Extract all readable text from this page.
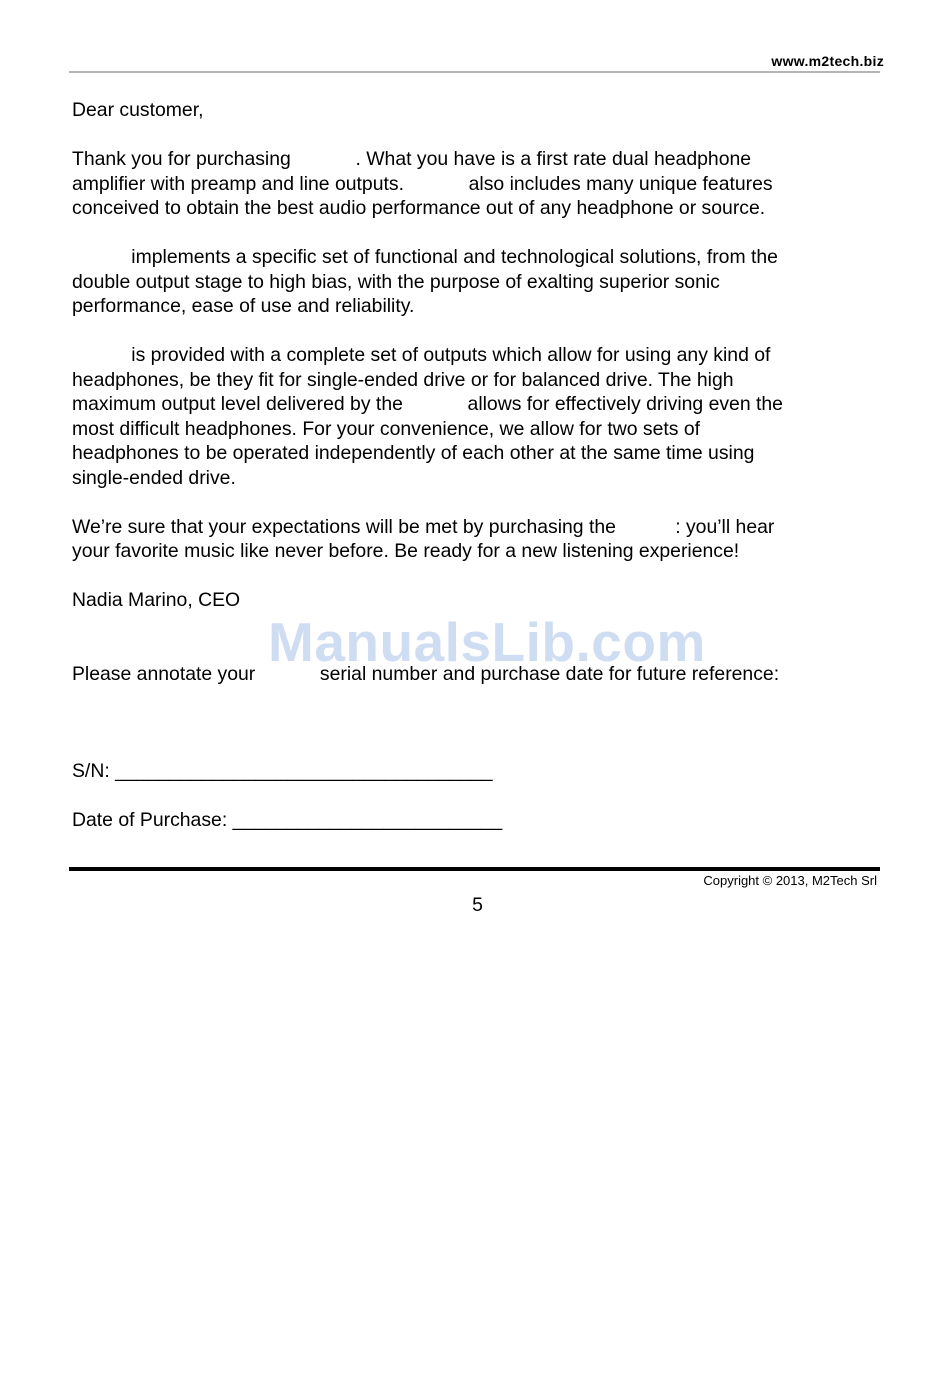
www.m2tech.biz

Dear customer,

Thank you for purchasing            . What you have is a first rate dual headphone

amplifier with preamp and line outputs.            also includes many unique features

conceived to obtain the best audio performance out of any headphone or source.

implements a specific set of functional and technological solutions, from the

double output stage to high bias, with the purpose of exalting superior sonic

performance, ease of use and reliability.

is provided with a complete set of outputs which allow for using any kind of

headphones, be they fit for single-ended drive or for balanced drive. The high

maximum output level delivered by the            allows for effectively driving even the

most difficult headphones. For your convenience, we allow for two sets of

headphones to be operated independently of each other at the same time using

single-ended drive.

We’re sure that your expectations will be met by purchasing the           : you’ll hear

your favorite music like never before. Be ready for a new listening experience!

Nadia Marino, CEO

Please annotate your            serial number and purchase date for future reference:

ManualsLib.com
S/N: ___________________________________
Date of Purchase: _________________________
Copyright © 2013, M2Tech Srl
5
